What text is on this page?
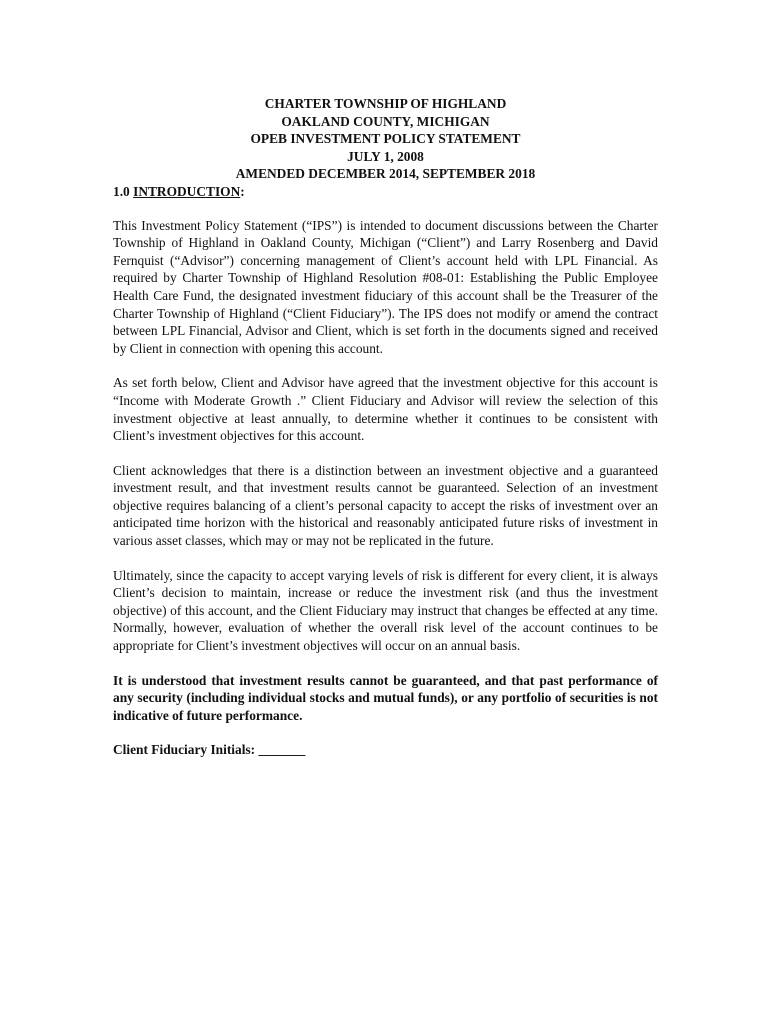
CHARTER TOWNSHIP OF HIGHLAND
OAKLAND COUNTY, MICHIGAN
OPEB INVESTMENT POLICY STATEMENT
JULY 1, 2008
AMENDED DECEMBER 2014, SEPTEMBER 2018
1.0 INTRODUCTION:

This Investment Policy Statement (“IPS”) is intended to document discussions between the Charter Township of Highland in Oakland County, Michigan (“Client”) and Larry Rosenberg and David Fernquist (“Advisor”) concerning management of Client’s account held with LPL Financial. As required by Charter Township of Highland Resolution #08-01: Establishing the Public Employee Health Care Fund, the designated investment fiduciary of this account shall be the Treasurer of the Charter Township of Highland (“Client Fiduciary”). The IPS does not modify or amend the contract between LPL Financial, Advisor and Client, which is set forth in the documents signed and received by Client in connection with opening this account.

As set forth below, Client and Advisor have agreed that the investment objective for this account is “Income with Moderate Growth .” Client Fiduciary and Advisor will review the selection of this investment objective at least annually, to determine whether it continues to be consistent with Client’s investment objectives for this account.

Client acknowledges that there is a distinction between an investment objective and a guaranteed investment result, and that investment results cannot be guaranteed. Selection of an investment objective requires balancing of a client’s personal capacity to accept the risks of investment over an anticipated time horizon with the historical and reasonably anticipated future risks of investment in various asset classes, which may or may not be replicated in the future.

Ultimately, since the capacity to accept varying levels of risk is different for every client, it is always Client’s decision to maintain, increase or reduce the investment risk (and thus the investment objective) of this account, and the Client Fiduciary may instruct that changes be effected at any time. Normally, however, evaluation of whether the overall risk level of the account continues to be appropriate for Client’s investment objectives will occur on an annual basis.

It is understood that investment results cannot be guaranteed, and that past performance of any security (including individual stocks and mutual funds), or any portfolio of securities is not indicative of future performance.

Client Fiduciary Initials: _______
